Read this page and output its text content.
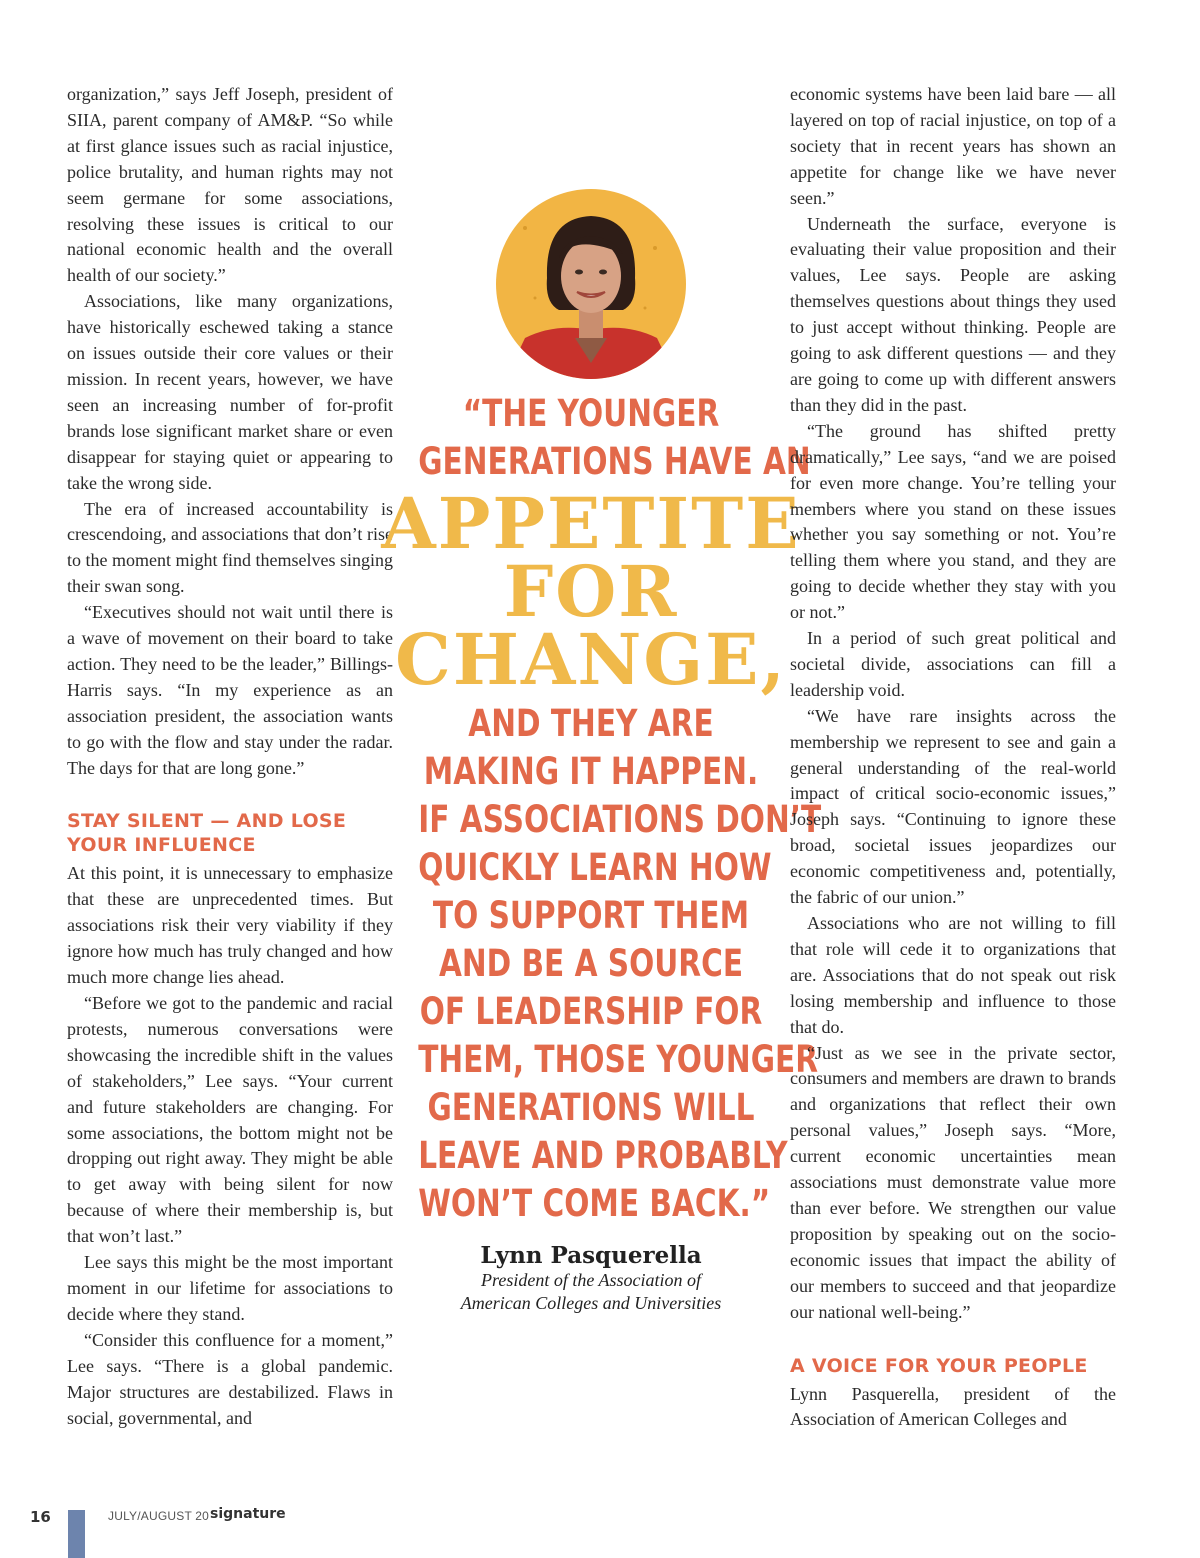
organization,” says Jeff Joseph, president of SIIA, parent company of AM&P. “So while at first glance issues such as racial injustice, police brutality, and human rights may not seem germane for some associations, resolving these issues is critical to our national economic health and the overall health of our society.”

Associations, like many organizations, have historically eschewed taking a stance on issues outside their core values or their mission. In recent years, however, we have seen an increasing number of for-profit brands lose significant market share or even disappear for staying quiet or appearing to take the wrong side.

The era of increased accountability is crescendoing, and associations that don’t rise to the moment might find themselves singing their swan song.

“Executives should not wait until there is a wave of movement on their board to take action. They need to be the leader,” Billings-Harris says. “In my experience as an association president, the association wants to go with the flow and stay under the radar. The days for that are long gone.”

STAY SILENT — AND LOSE YOUR INFLUENCE

At this point, it is unnecessary to emphasize that these are unprecedented times. But associations risk their very viability if they ignore how much has truly changed and how much more change lies ahead.

“Before we got to the pandemic and racial protests, numerous conversations were showcasing the incredible shift in the values of stakeholders,” Lee says. “Your current and future stakeholders are changing. For some associations, the bottom might not be dropping out right away. They might be able to get away with being silent for now because of where their membership is, but that won’t last.”

Lee says this might be the most important moment in our lifetime for associations to decide where they stand.

“Consider this confluence for a moment,” Lee says. “There is a global pandemic. Major structures are destabilized. Flaws in social, governmental, and

“THE YOUNGER
GENERATIONS HAVE AN
APPETITE
FOR
CHANGE,
AND THEY ARE
MAKING IT HAPPEN.
IF ASSOCIATIONS DON’T
QUICKLY LEARN HOW
TO SUPPORT THEM
AND BE A SOURCE
OF LEADERSHIP FOR
THEM, THOSE YOUNGER
GENERATIONS WILL
LEAVE AND PROBABLY
WON’T COME BACK.”
Lynn Pasquerella
President of the Association of
American Colleges and Universities

economic systems have been laid bare — all layered on top of racial injustice, on top of a society that in recent years has shown an appetite for change like we have never seen.”

Underneath the surface, everyone is evaluating their value proposition and their values, Lee says. People are asking themselves questions about things they used to just accept without thinking. People are going to ask different questions — and they are going to come up with different answers than they did in the past.

“The ground has shifted pretty dramatically,” Lee says, “and we are poised for even more change. You’re telling your members where you stand on these issues whether you say something or not. You’re telling them where you stand, and they are going to decide whether they stay with you or not.”

In a period of such great political and societal divide, associations can fill a leadership void.

“We have rare insights across the membership we represent to see and gain a general understanding of the real-world impact of critical socio-economic issues,” Joseph says. “Continuing to ignore these broad, societal issues jeopardizes our economic competitiveness and, potentially, the fabric of our union.”

Associations who are not willing to fill that role will cede it to organizations that are. Associations that do not speak out risk losing membership and influence to those that do.

“Just as we see in the private sector, consumers and members are drawn to brands and organizations that reflect their own personal values,” Joseph says. “More, current economic uncertainties mean associations must demonstrate value more than ever before. We strengthen our value proposition by speaking out on the socio-economic issues that impact the ability of our members to succeed and that jeopardize our national well-being.”

A VOICE FOR YOUR PEOPLE

Lynn Pasquerella, president of the Association of American Colleges and

16	JULY/AUGUST 20 signature
